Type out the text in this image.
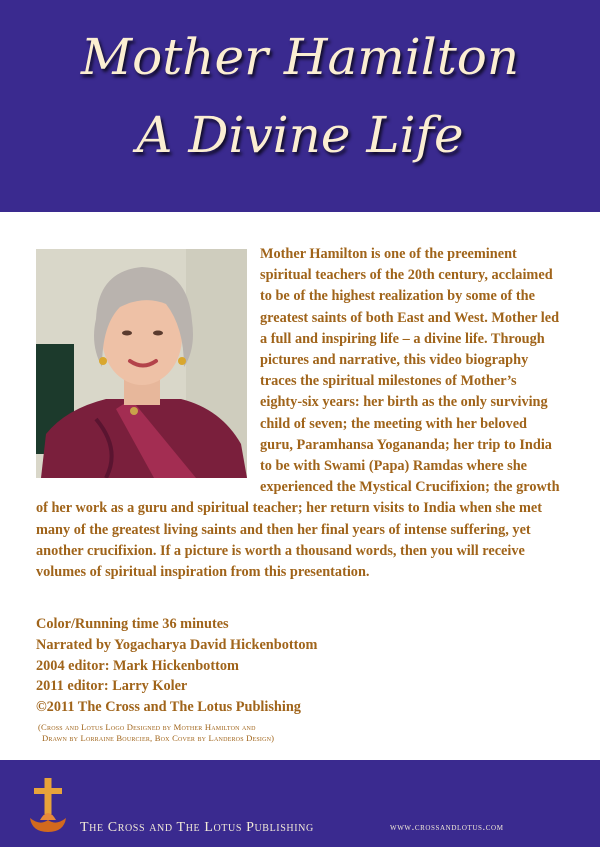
Mother Hamilton
A Divine Life

Mother Hamilton is one of the preeminent spiritual teachers of the 20th century, acclaimed to be of the highest realization by some of the greatest saints of both East and West. Mother led a full and inspiring life – a divine life. Through pictures and narrative, this video biography traces the spiritual milestones of Mother’s eighty-six years: her birth as the only surviving child of seven; the meeting with her beloved guru, Paramhansa Yogananda; her trip to India to be with Swami (Papa) Ramdas where she experienced the Mystical Crucifixion; the growth of her work as a guru and spiritual teacher; her return visits to India when she met many of the greatest living saints and then her final years of intense suffering, yet another crucifixion. If a picture is worth a thousand words, then you will receive volumes of spiritual inspiration from this presentation.

Color/Running time 36 minutes
Narrated by Yogacharya David Hickenbottom
2004 editor: Mark Hickenbottom
2011 editor: Larry Koler
©2011 The Cross and The Lotus Publishing
(Cross and Lotus Logo Designed by Mother Hamilton and
Drawn by Lorraine Bourcier, Box Cover by Landeros Design)
The Cross and The Lotus Publishing	www.crossandlotus.com
